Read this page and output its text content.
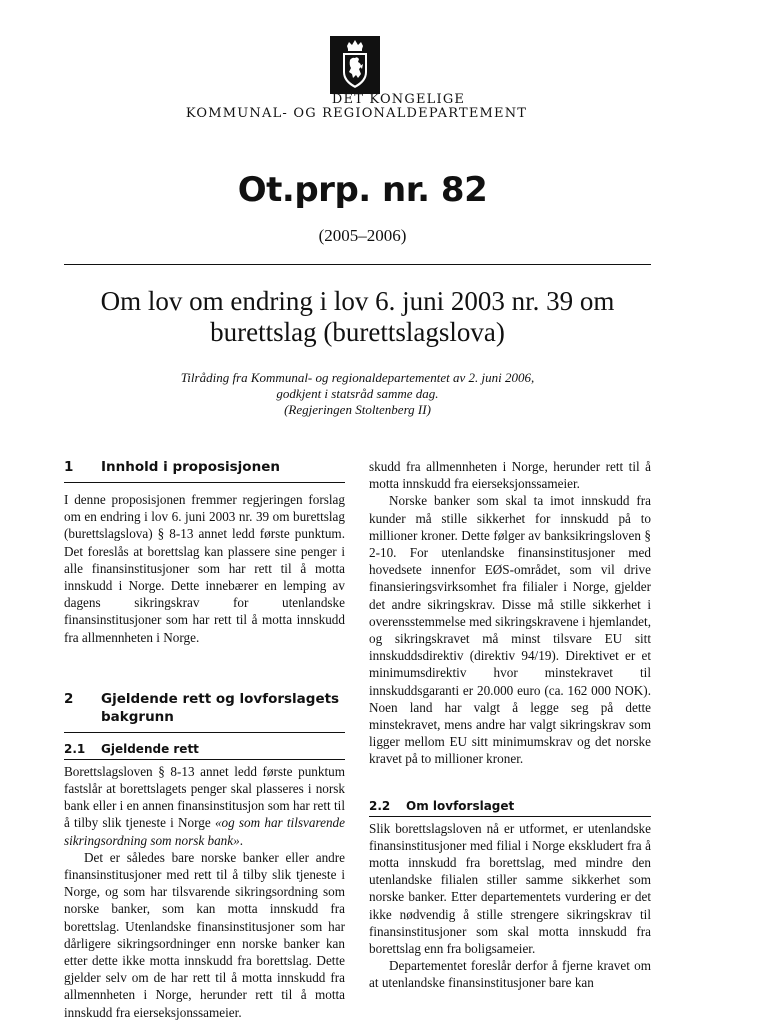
DET KONGELIGE
KOMMUNAL- OG REGIONALDEPARTEMENT
Ot.prp. nr. 82
(2005–2006)
Om lov om endring i lov 6. juni 2003 nr. 39 om burettslag (burettslagslova)
Tilråding fra Kommunal- og regionaldepartementet av 2. juni 2006,
godkjent i statsråd samme dag.
(Regjeringen Stoltenberg II)
1	Innhold i proposisjonen

I denne proposisjonen fremmer regjeringen forslag om en endring i lov 6. juni 2003 nr. 39 om burettslag (burettslagslova) § 8-13 annet ledd første punktum. Det foreslås at borettslag kan plassere sine penger i alle finansinstitusjoner som har rett til å motta innskudd i Norge. Dette innebærer en lemping av dagens sikringskrav for utenlandske finansinstitusjoner som har rett til å motta innskudd fra allmennheten i Norge.

2	Gjeldende rett og lovforslagets bakgrunn
2.1	Gjeldende rett

Borettslagsloven § 8-13 annet ledd første punktum fastslår at borettslagets penger skal plasseres i norsk bank eller i en annen finansinstitusjon som har rett til å tilby slik tjeneste i Norge «og som har tilsvarende sikringsordning som norsk bank».

Det er således bare norske banker eller andre finansinstitusjoner med rett til å tilby slik tjeneste i Norge, og som har tilsvarende sikringsordning som norske banker, som kan motta innskudd fra borettslag. Utenlandske finansinstitusjoner som har dårligere sikringsordninger enn norske banker kan etter dette ikke motta innskudd fra borettslag. Dette gjelder selv om de har rett til å motta innskudd fra allmennheten i Norge, herunder rett til å motta innskudd fra eierseksjonssameier.

skudd fra allmennheten i Norge, herunder rett til å motta innskudd fra eierseksjonssameier.

Norske banker som skal ta imot innskudd fra kunder må stille sikkerhet for innskudd på to millioner kroner. Dette følger av banksikringsloven § 2-10. For utenlandske finansinstitusjoner med hovedsete innenfor EØS-området, som vil drive finansieringsvirksomhet fra filialer i Norge, gjelder det andre sikringskrav. Disse må stille sikkerhet i overensstemmelse med sikringskravene i hjemlandet, og sikringskravet må minst tilsvare EU sitt innskuddsdirektiv (direktiv 94/19). Direktivet er et minimumsdirektiv hvor minstekravet til innskuddsgaranti er 20.000 euro (ca. 162 000 NOK). Noen land har valgt å legge seg på dette minstekravet, mens andre har valgt sikringskrav som ligger mellom EU sitt minimumskrav og det norske kravet på to millioner kroner.

2.2	Om lovforslaget

Slik borettslagsloven nå er utformet, er utenlandske finansinstitusjoner med filial i Norge ekskludert fra å motta innskudd fra borettslag, med mindre den utenlandske filialen stiller samme sikkerhet som norske banker. Etter departementets vurdering er det ikke nødvendig å stille strengere sikringskrav til finansinstitusjoner som skal motta innskudd fra borettslag enn fra boligsameier.

Departementet foreslår derfor å fjerne kravet om at utenlandske finansinstitusjoner bare kan
